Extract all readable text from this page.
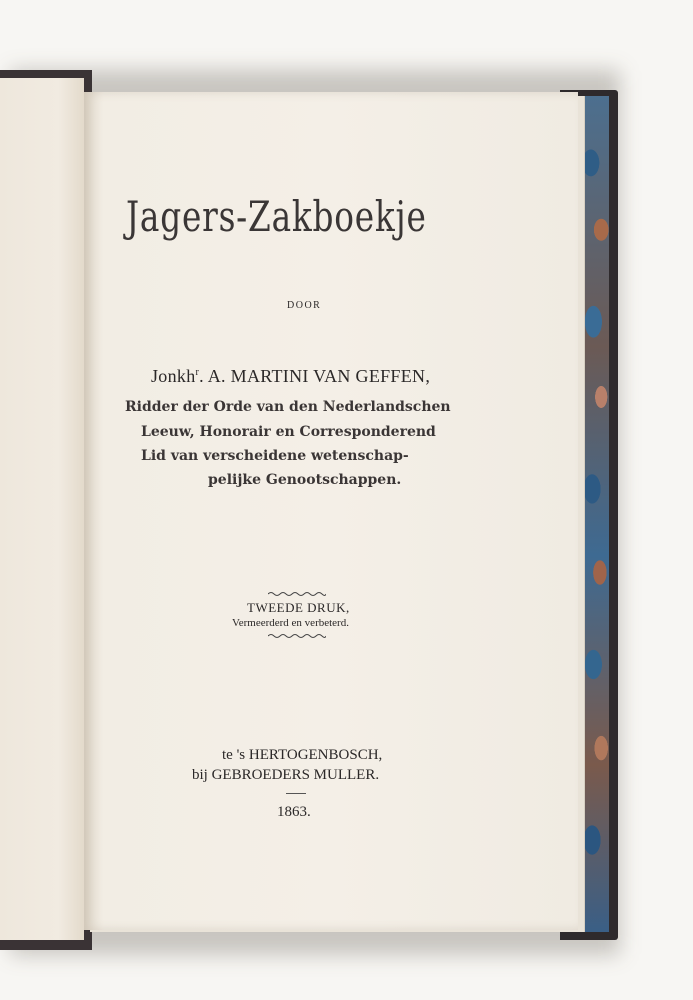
Jagers-Zakboekje
DOOR
Jonkh$^r$. A. MARTINI VAN GEFFEN,
Ridder der Orde van den Nederlandschen
Leeuw, Honorair en Corresponderend
Lid van verscheidene wetenschap-
pelijke Genootschappen.
TWEEDE DRUK,
Vermeerderd en verbeterd.
te 's HERTOGENBOSCH,
bij GEBROEDERS MULLER.
1863.
